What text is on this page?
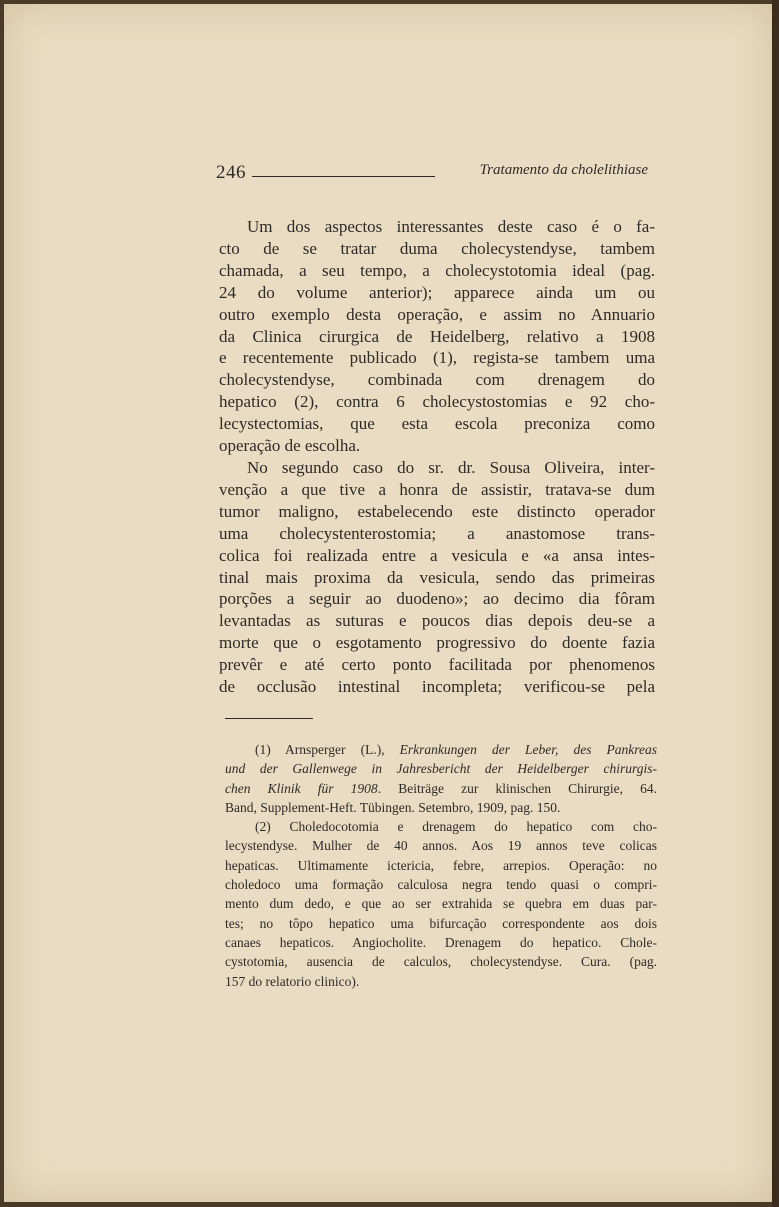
246	Tratamento da cholelithiase

Um dos aspectos interessantes deste caso é o fa-
cto de se tratar duma cholecystendyse, tambem
chamada, a seu tempo, a cholecystotomia ideal (pag.
24 do volume anterior); apparece ainda um ou
outro exemplo desta operação, e assim no Annuario
da Clinica cirurgica de Heidelberg, relativo a 1908
e recentemente publicado (1), regista-se tambem uma
cholecystendyse, combinada com drenagem do
hepatico (2), contra 6 cholecystostomias e 92 cho-
lecystectomias, que esta escola preconiza como
operação de escolha.

No segundo caso do sr. dr. Sousa Oliveira, inter-
venção a que tive a honra de assistir, tratava-se dum
tumor maligno, estabelecendo este distincto operador
uma cholecystenterostomia; a anastomose trans-
colica foi realizada entre a vesicula e «a ansa intes-
tinal mais proxima da vesicula, sendo das primeiras
porções a seguir ao duodeno»; ao decimo dia fôram
levantadas as suturas e poucos dias depois deu-se a
morte que o esgotamento progressivo do doente fazia
prevêr e até certo ponto facilitada por phenomenos
de occlusão intestinal incompleta; verificou-se pela

(1) Arnsperger (L.), Erkrankungen der Leber, des Pankreas
und der Gallenwege in Jahresbericht der Heidelberger chirurgis-
chen Klinik für 1908. Beiträge zur klinischen Chirurgie, 64.
Band, Supplement-Heft. Tübingen. Setembro, 1909, pag. 150.
(2) Choledocotomia e drenagem do hepatico com cho-
lecystendyse. Mulher de 40 annos. Aos 19 annos teve colicas
hepaticas. Ultimamente ictericia, febre, arrepios. Operação: no
choledoco uma formação calculosa negra tendo quasi o compri-
mento dum dedo, e que ao ser extrahida se quebra em duas par-
tes; no tôpo hepatico uma bifurcação correspondente aos dois
canaes hepaticos. Angiocholite. Drenagem do hepatico. Chole-
cystotomia, ausencia de calculos, cholecystendyse. Cura. (pag.
157 do relatorio clinico).
